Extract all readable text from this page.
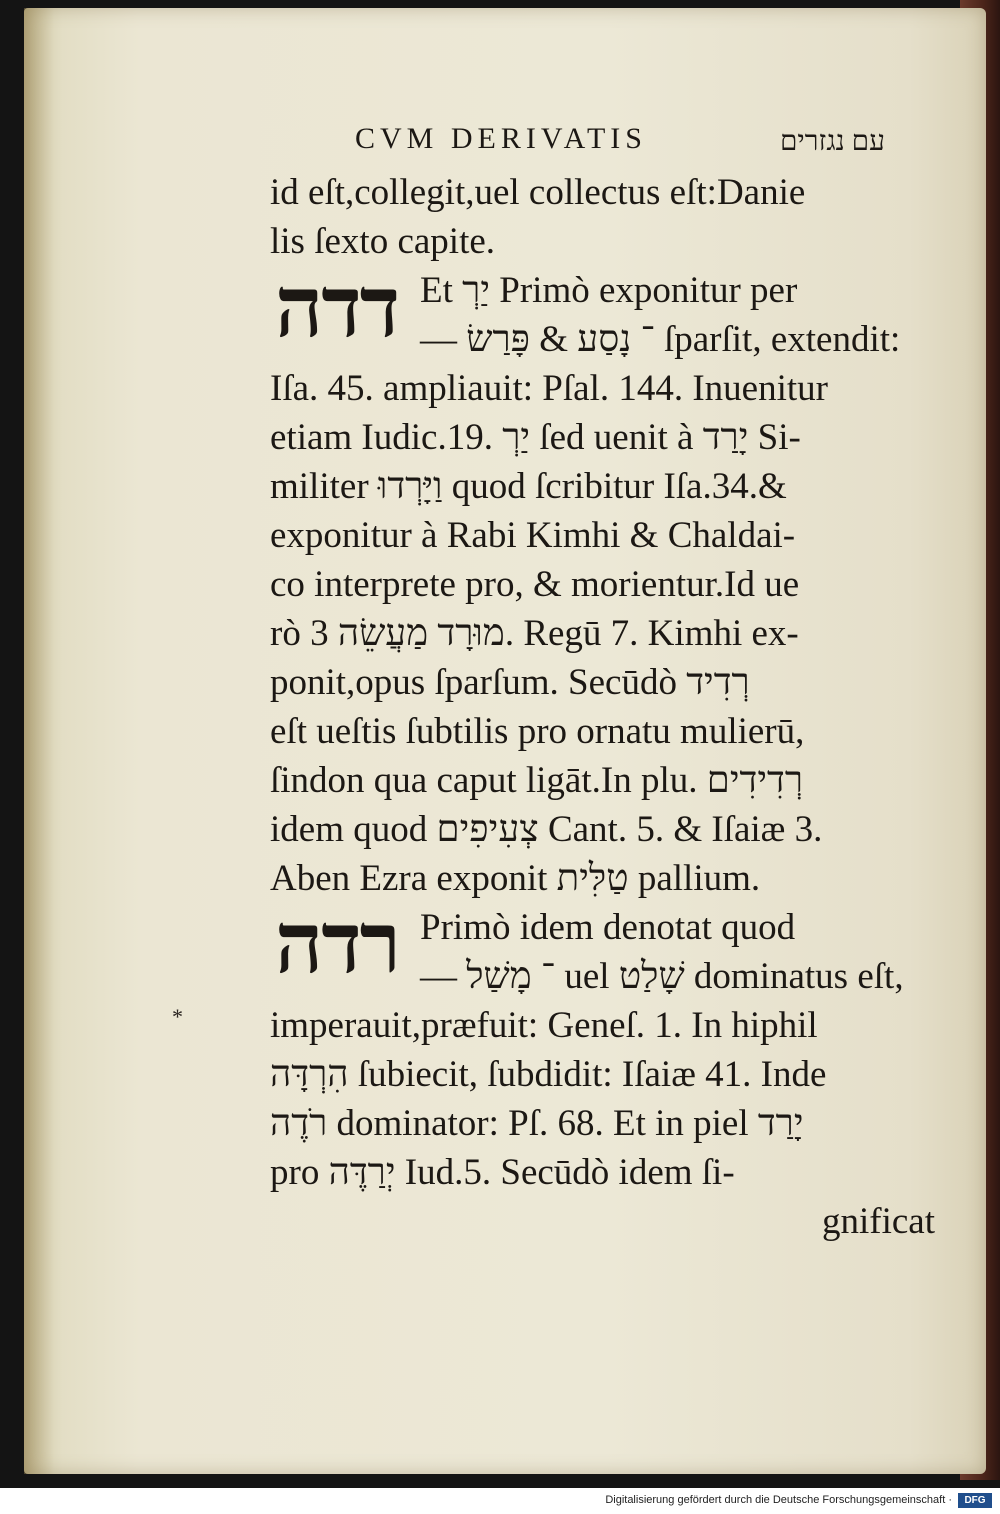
CVM DERIVATIS	עם נגזרים
דדה
רדה
id eſt,collegit,uel collectus eſt:Danie
lis ſexto capite.
Et יַרְ Primò exponitur per
— ־ נָסַע & פָּרַשׂ ſparſit, extendit:
Iſa. 45. ampliauit: Pſal. 144. Inuenitur
etiam Iudic.19. יַרְ ſed uenit à יָרַד Si‑
militer וַיָּרְדוּ quod ſcribitur Iſa.34.&
exponitur à Rabi Kimhi & Chaldai‑
co interprete pro, & morientur.Id ue
rò מוּרָד מַעֲשֵׂה 3. Regū 7. Kimhi ex‑
ponit,opus ſparſum. Secūdò רְדִיד
eſt ueſtis ſubtilis pro ornatu mulierū,
ſindon qua caput ligāt.In plu. רְדִידִים
idem quod צְעִיפִים Cant. 5. & Iſaiæ 3.
Aben Ezra exponit טַלִּית pallium.
Primò idem denotat quod
— ־ מָשַׁל uel שָׁלַט dominatus eſt,
imperauit,præfuit: Geneſ. 1. In hiphil
הִרְדָּה ſubiecit, ſubdidit: Iſaiæ 41. Inde
רֹדֶה dominator: Pſ. 68. Et in piel יָרַד
pro יְרַדֶּה Iud.5. Secūdò idem ſi‑
gnificat
*
Digitalisierung gefördert durch die Deutsche Forschungsgemeinschaft ·	DFG
